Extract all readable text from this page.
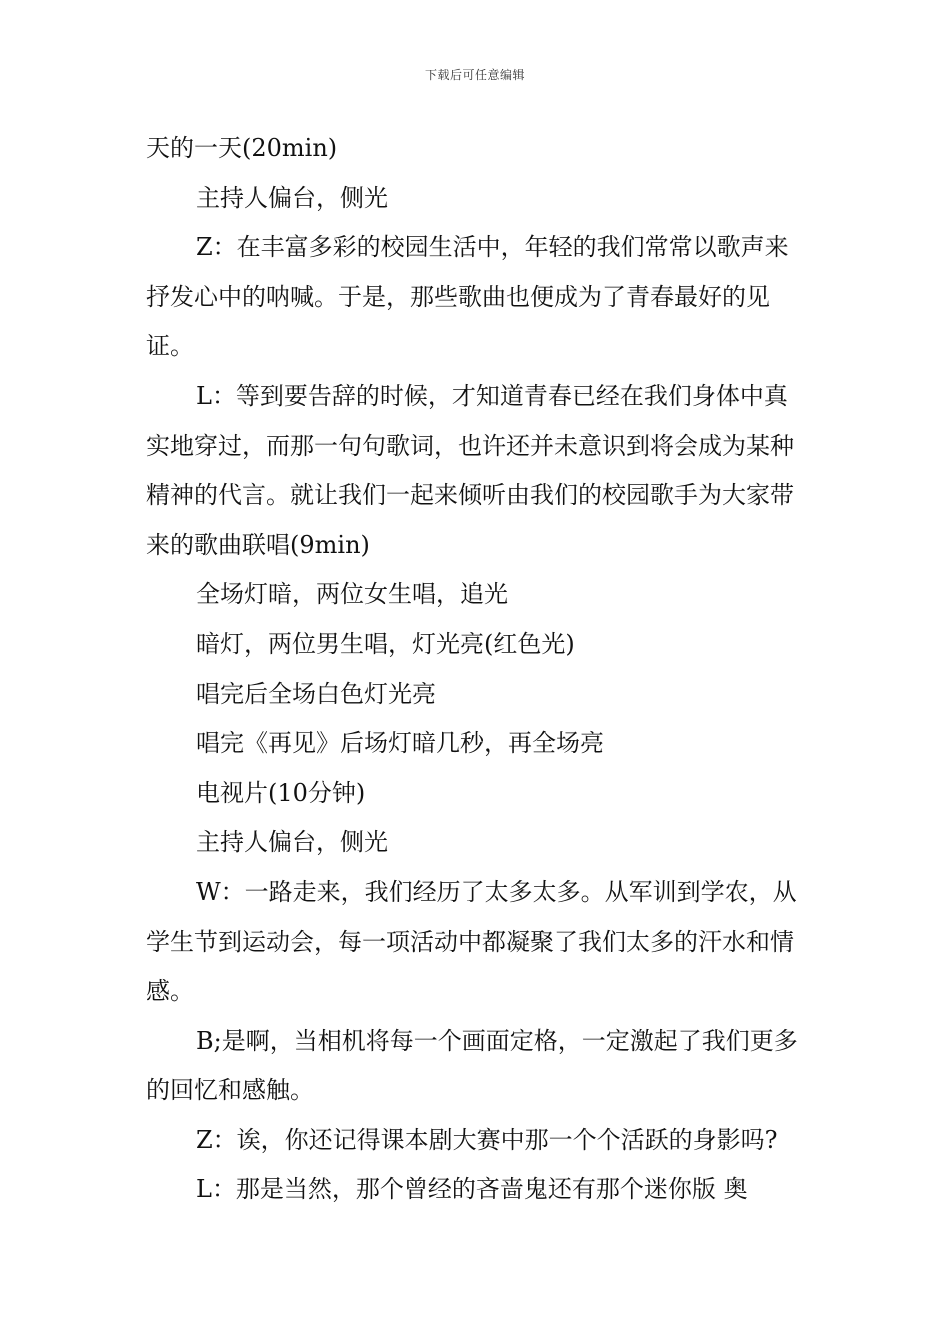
下载后可任意编辑

天的一天(20min)

主持人偏台，侧光

Z：在丰富多彩的校园生活中，年轻的我们常常以歌声来抒发心中的呐喊。于是，那些歌曲也便成为了青春最好的见证。

L：等到要告辞的时候，才知道青春已经在我们身体中真实地穿过，而那一句句歌词，也许还并未意识到将会成为某种精神的代言。就让我们一起来倾听由我们的校园歌手为大家带来的歌曲联唱(9min)

全场灯暗，两位女生唱，追光

暗灯，两位男生唱，灯光亮(红色光)

唱完后全场白色灯光亮

唱完《再见》后场灯暗几秒，再全场亮

电视片(10分钟)

主持人偏台，侧光

W：一路走来，我们经历了太多太多。从军训到学农，从学生节到运动会，每一项活动中都凝聚了我们太多的汗水和情感。

B;是啊，当相机将每一个画面定格，一定激起了我们更多的回忆和感触。

Z：诶，你还记得课本剧大赛中那一个个活跃的身影吗?

L：那是当然，那个曾经的吝啬鬼还有那个迷你版 奥
